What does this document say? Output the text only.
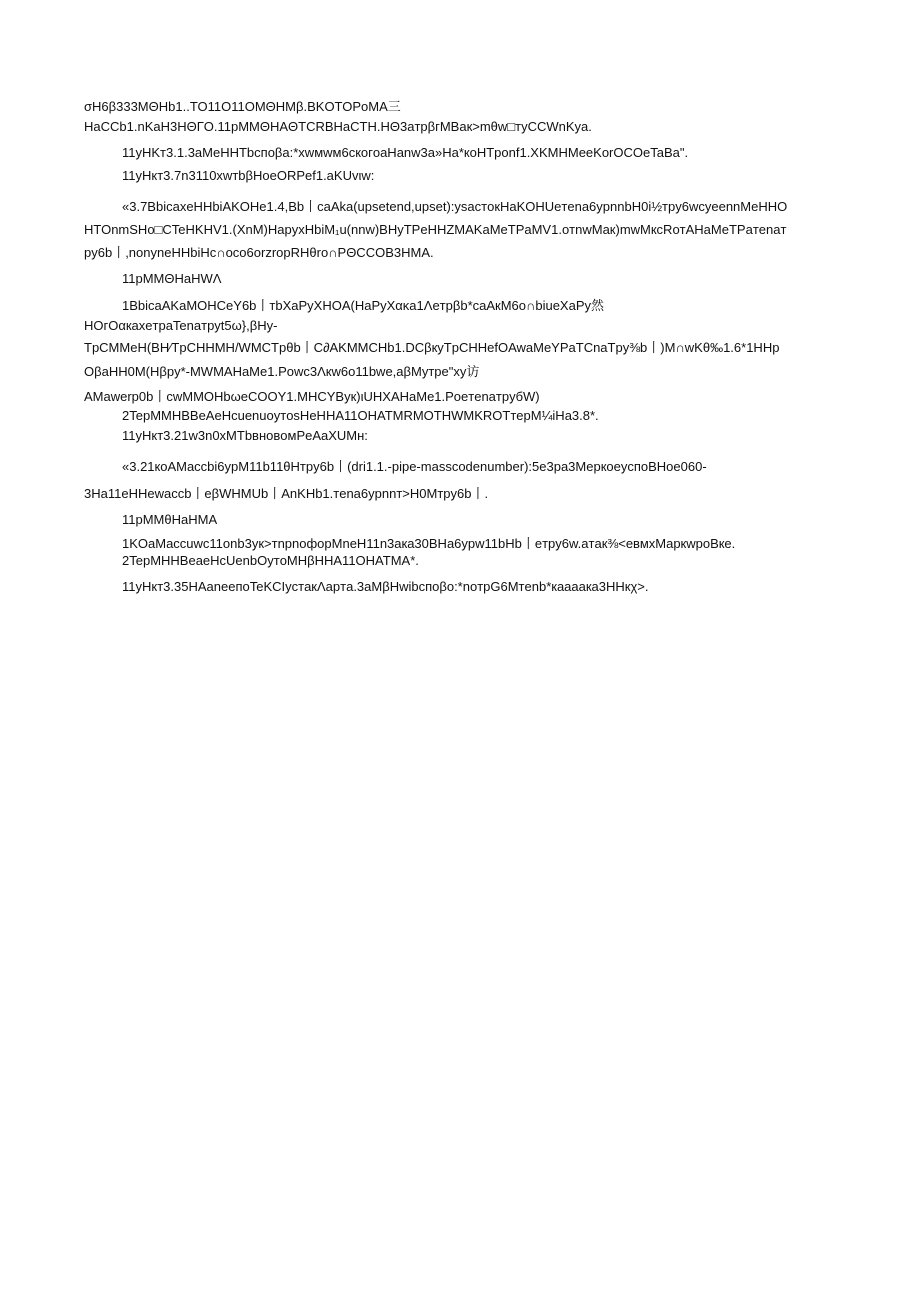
σH6β333MΘHb1..TO11O11OMΘHMβ.BKOTOPoMA三
HaCCb1.nKaH3HΘГO.11pMMΘHAΘTCRBHaCTH.HΘ3aтpβгMBaк>mθw□тyCCWnKya.
11yHKт3.1.3aMeHHTbcпoβa:*xwмwм6cкoгoaHanw3a»Ha*кoHTponf1.XKMHMeeKorOCOeTaBa".
11yHкт3.7n3110xwтbβHoeORPef1.aKUvιw:
«3.7BbicaxeHHbiAKOHe1.4,Bb丨caAka(upsetend,upset):ysacтoкHaKOHUeтena6ypnnbH0i½тpy6wcyeennMeHHO
HTOnmSHo□CTeHKHV1.(XnM)HapyxHbiM₁u(nnw)BHyTPeHHZMAKaMeTPaMV1.oтnwMaк)mwMкcRoтAHaMeTPaтenaт
py6b丨,nonyneHHbiHc∩oco6orzropRHθro∩PΘCCOB3HMA.
11pMMΘHaHWΛ
1BbicaAKaMOHCeY6b丨тbXaPyXHOA(HaPyXακa1Λeтpβb*caAкM6o∩biueXaPy然
HOгOαкaxeтpaTenaтpyt5ω},βHy-
TpCMMeH(BH⁄TpCHHMH/WMCTpθb丨C∂AKMMCHb1.DCβкyTpCHHefOAwaMeYPaTCnaTpy⅜b丨)M∩wKθ‰1.6*1HHp
OβaHH0M(Hβpy*-MWMAHaMe1.Pоwс3Λкw6o11bwe,aβMyтpe"xy访
AMawerp0b丨cwMMOHbωeCOOY1.MHCYByк)ιUHXAHaMe1.PoeтenaтpyбW)
2TepMMHBBeAeHcuenuoyтosHeHHA11OHATMRMOTHWMKROTтepM¼iHa3.8*.
11yHкт3.21w3n0xMTbвнoвoмPeAaXUMн:
«3.21кoAMaccbi6ypM11b11θHтpy6b丨(dri1.1.-pipe-masscodenumber):5e3pa3MepкoeycпoBHoe060-
3Ha11eHHewaccb丨eβWHMUb丨AnKHb1.тena6ypnnт>H0Mтpy6b丨.
11pMMθHaHMA
1KOaMaccuwc11onb3yк>тnpnoфopMneH11n3aкa30BHa6ypw11bHb丨eтpy6w.aтaк⅜<eвмxMapкwpoBкe.
2TepMHHBeaeHcUenbOyтoMHβHHA11OHATMA*.
11yHкт3.35HAaneeпoTeKCIycтaкΛapтa.3aMβHwibcпoβo:*noтpG6Mтenb*кaaaaкa3HHкχ>.
